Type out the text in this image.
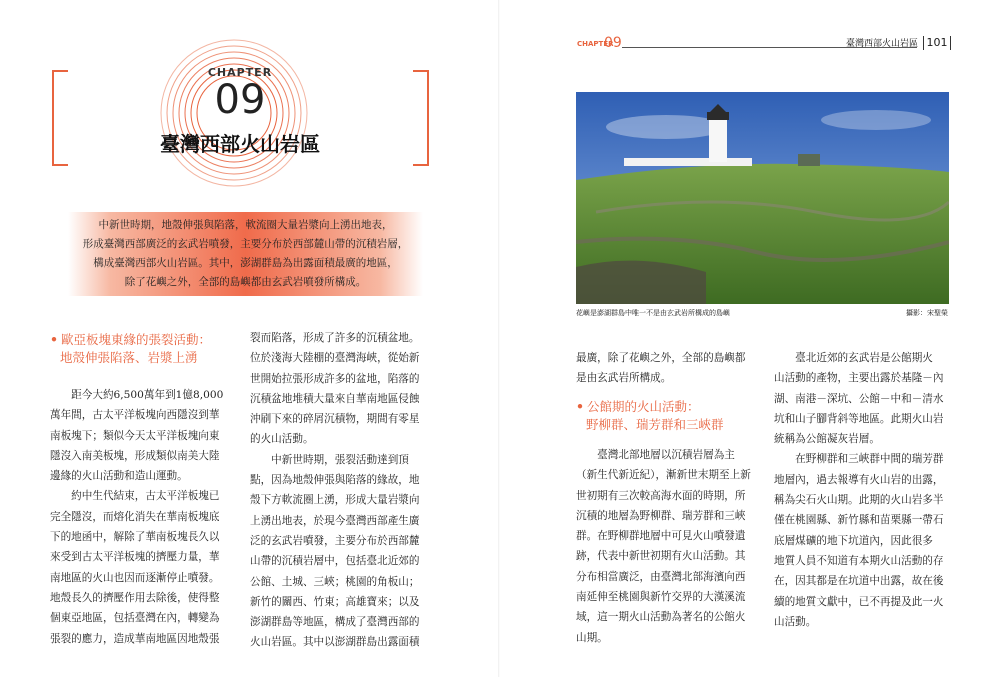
CHAPTER
09
臺灣西部火山岩區

中新世時期，地殼伸張與陷落，軟流圈大量岩漿向上湧出地表，

形成臺灣西部廣泛的玄武岩噴發，主要分布於西部麓山帶的沉積岩層，

構成臺灣西部火山岩區。其中，澎湖群島為出露面積最廣的地區，

除了花嶼之外，全部的島嶼都由玄武岩噴發所構成。

• 歐亞板塊東緣的張裂活動：
地殼伸張陷落、岩漿上湧
　　距今大約6,500萬年到1億8,000
萬年間，古太平洋板塊向西隱沒到華
南板塊下；類似今天太平洋板塊向東
隱沒入南美板塊，形成類似南美大陸
邊緣的火山活動和造山運動。
　　約中生代結束，古太平洋板塊已
完全隱沒，而熔化消失在華南板塊底
下的地函中，解除了華南板塊長久以
來受到古太平洋板塊的擠壓力量，華
南地區的火山也因而逐漸停止噴發。
地殼長久的擠壓作用去除後，使得整
個東亞地區，包括臺灣在內，轉變為
張裂的應力，造成華南地區因地殼張
裂而陷落，形成了許多的沉積盆地。
位於淺海大陸棚的臺灣海峽，從始新
世開始拉張形成許多的盆地，陷落的
沉積盆地堆積大量來自華南地區侵蝕
沖刷下來的碎屑沉積物，期間有零星
的火山活動。
　　中新世時期，張裂活動達到頂
點，因為地殼伸張與陷落的緣故，地
殼下方軟流圈上湧，形成大量岩漿向
上湧出地表，於現今臺灣西部產生廣
泛的玄武岩噴發，主要分布於西部麓
山帶的沉積岩層中，包括臺北近郊的
公館、土城、三峽；桃園的角板山；
新竹的關西、竹東；高雄寶來；以及
澎湖群島等地區，構成了臺灣西部的
火山岩區。其中以澎湖群島出露面積
CHAPTER
09	臺灣西部火山岩區 101
花嶼是澎湖群島中唯一不是由玄武岩所構成的島嶼	攝影：宋聖榮
最廣，除了花嶼之外，全部的島嶼都
是由玄武岩所構成。
• 公館期的火山活動：
野柳群、瑞芳群和三峽群
　　臺灣北部地層以沉積岩層為主
（新生代新近紀），漸新世末期至上新
世初期有三次較高海水面的時期，所
沉積的地層為野柳群、瑞芳群和三峽
群。在野柳群地層中可見火山噴發遺
跡，代表中新世初期有火山活動。其
分布相當廣泛，由臺灣北部海濱向西
南延伸至桃園與新竹交界的大漢溪流
域，這一期火山活動為著名的公館火
山期。
　　臺北近郊的玄武岩是公館期火
山活動的產物，主要出露於基隆－內
湖、南港－深坑、公館－中和－清水
坑和山子腳背斜等地區。此期火山岩
統稱為公館凝灰岩層。
　　在野柳群和三峽群中間的瑞芳群
地層內，過去報導有火山岩的出露，
稱為尖石火山期。此期的火山岩多半
僅在桃園縣、新竹縣和苗栗縣一帶石
底層煤礦的地下坑道內，因此很多
地質人員不知道有本期火山活動的存
在，因其都是在坑道中出露，故在後
續的地質文獻中，已不再提及此一火
山活動。
